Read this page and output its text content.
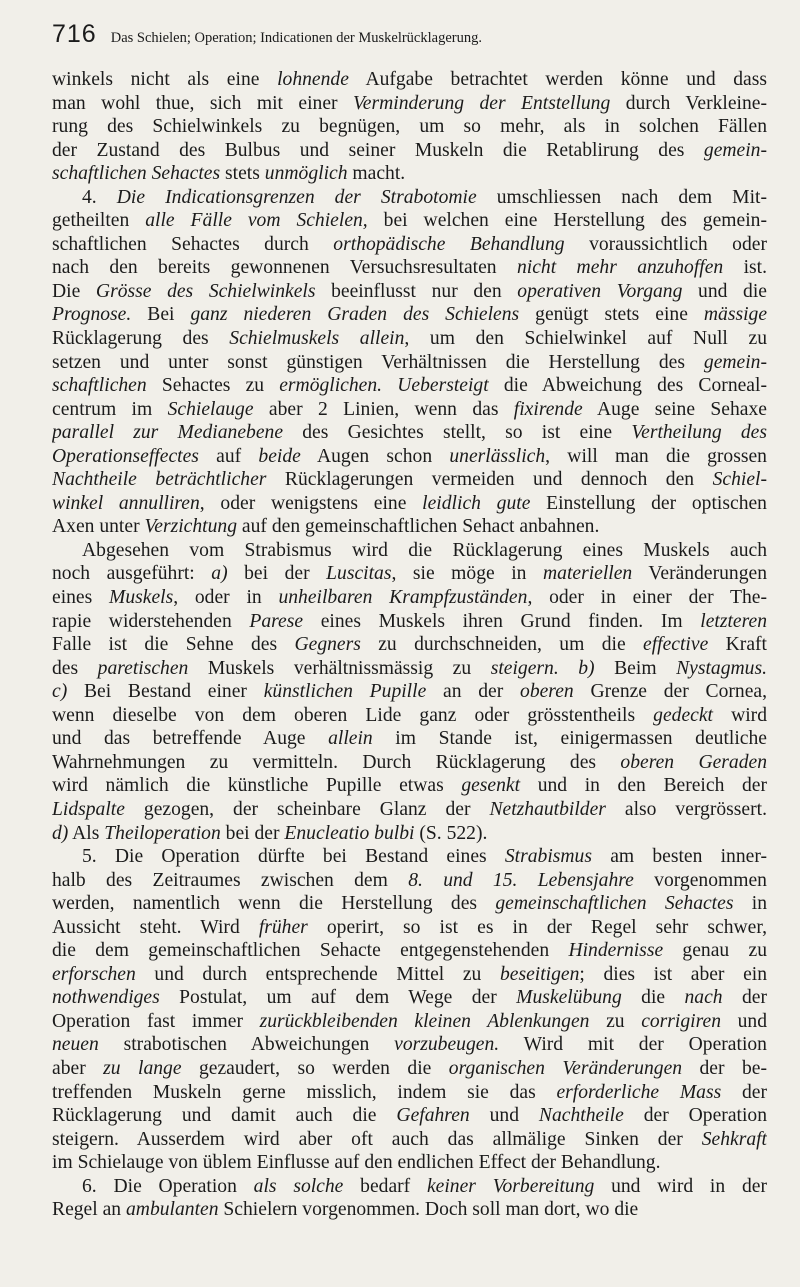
716 Das Schielen; Operation; Indicationen der Muskelrücklagerung.
winkels nicht als eine lohnende Aufgabe betrachtet werden könne und dass
man wohl thue, sich mit einer Verminderung der Entstellung durch Verkleine-
rung des Schielwinkels zu begnügen, um so mehr, als in solchen Fällen
der Zustand des Bulbus und seiner Muskeln die Retablirung des gemein-
schaftlichen Sehactes stets unmöglich macht.
4. Die Indicationsgrenzen der Strabotomie umschliessen nach dem Mit-
getheilten alle Fälle vom Schielen, bei welchen eine Herstellung des gemein-
schaftlichen Sehactes durch orthopädische Behandlung voraussichtlich oder
nach den bereits gewonnenen Versuchsresultaten nicht mehr anzuhoffen ist.
Die Grösse des Schielwinkels beeinflusst nur den operativen Vorgang und die
Prognose. Bei ganz niederen Graden des Schielens genügt stets eine mässige
Rücklagerung des Schielmuskels allein, um den Schielwinkel auf Null zu
setzen und unter sonst günstigen Verhältnissen die Herstellung des gemein-
schaftlichen Sehactes zu ermöglichen. Uebersteigt die Abweichung des Corneal-
centrum im Schielauge aber 2 Linien, wenn das fixirende Auge seine Sehaxe
parallel zur Medianebene des Gesichtes stellt, so ist eine Vertheilung des
Operationseffectes auf beide Augen schon unerlässlich, will man die grossen
Nachtheile beträchtlicher Rücklagerungen vermeiden und dennoch den Schiel-
winkel annulliren, oder wenigstens eine leidlich gute Einstellung der optischen
Axen unter Verzichtung auf den gemeinschaftlichen Sehact anbahnen.
Abgesehen vom Strabismus wird die Rücklagerung eines Muskels auch
noch ausgeführt: a) bei der Luscitas, sie möge in materiellen Veränderungen
eines Muskels, oder in unheilbaren Krampfzuständen, oder in einer der The-
rapie widerstehenden Parese eines Muskels ihren Grund finden. Im letzteren
Falle ist die Sehne des Gegners zu durchschneiden, um die effective Kraft
des paretischen Muskels verhältnissmässig zu steigern. b) Beim Nystagmus.
c) Bei Bestand einer künstlichen Pupille an der oberen Grenze der Cornea,
wenn dieselbe von dem oberen Lide ganz oder grösstentheils gedeckt wird
und das betreffende Auge allein im Stande ist, einigermassen deutliche
Wahrnehmungen zu vermitteln. Durch Rücklagerung des oberen Geraden
wird nämlich die künstliche Pupille etwas gesenkt und in den Bereich der
Lidspalte gezogen, der scheinbare Glanz der Netzhautbilder also vergrössert.
d) Als Theiloperation bei der Enucleatio bulbi (S. 522).
5. Die Operation dürfte bei Bestand eines Strabismus am besten inner-
halb des Zeitraumes zwischen dem 8. und 15. Lebensjahre vorgenommen
werden, namentlich wenn die Herstellung des gemeinschaftlichen Sehactes in
Aussicht steht. Wird früher operirt, so ist es in der Regel sehr schwer,
die dem gemeinschaftlichen Sehacte entgegenstehenden Hindernisse genau zu
erforschen und durch entsprechende Mittel zu beseitigen; dies ist aber ein
nothwendiges Postulat, um auf dem Wege der Muskelübung die nach der
Operation fast immer zurückbleibenden kleinen Ablenkungen zu corrigiren und
neuen strabotischen Abweichungen vorzubeugen. Wird mit der Operation
aber zu lange gezaudert, so werden die organischen Veränderungen der be-
treffenden Muskeln gerne misslich, indem sie das erforderliche Mass der
Rücklagerung und damit auch die Gefahren und Nachtheile der Operation
steigern. Ausserdem wird aber oft auch das allmälige Sinken der Sehkraft
im Schielauge von üblem Einflusse auf den endlichen Effect der Behandlung.
6. Die Operation als solche bedarf keiner Vorbereitung und wird in der
Regel an ambulanten Schielern vorgenommen. Doch soll man dort, wo die
